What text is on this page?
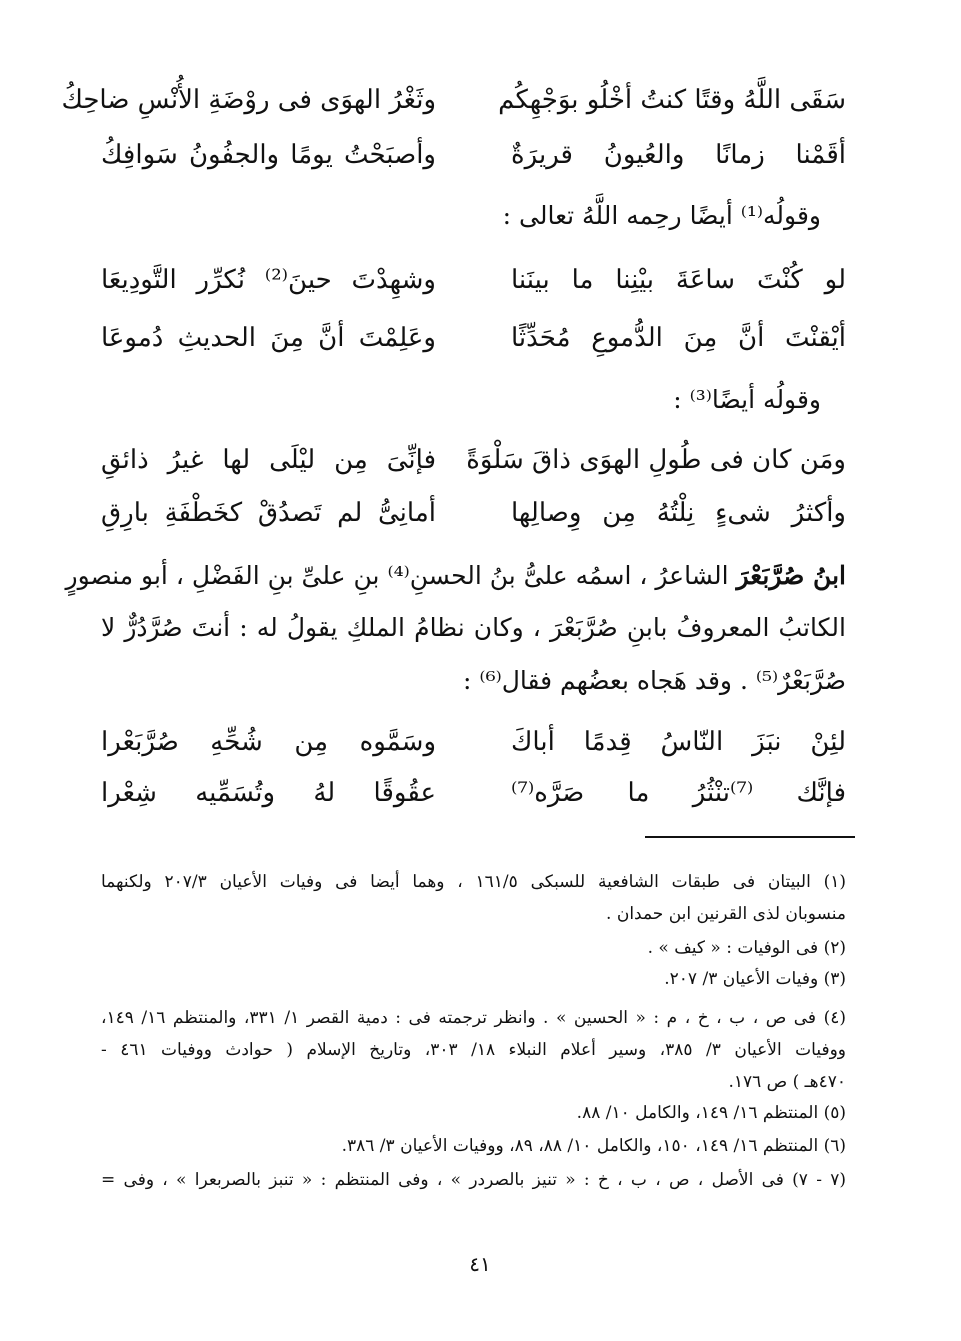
سَقَى اللَّهُ وقتًا كنتُ أخْلُو بوَجْهِكُم
وثَغْرُ الهوَى فى روْضَةِ الأُنْسِ ضاحِكُ
أقَمْنا زمانًا والعُيونُ قريرَةٌ
وأصبَحْتُ يومًا والجفُونُ سَوافِكُ
وقولُه⁽¹⁾ أيضًا رحِمه اللَّهُ تعالى :
لو كُنْتَ ساعَةَ بيْنِنا ما بينَنا
وشهِدْتَ حينَ⁽²⁾ نُكرِّر التَّودِيعَا
أيْقنْتَ أنَّ مِنَ الدُّموعِ مُحَدِّثًا
وعَلِمْتَ أنَّ مِنَ الحديثِ دُموعَا
وقولُه أيضًا⁽³⁾ :
ومَن كان فى طُولِ الهوَى ذاقَ سَلْوَةً
فإنِّىَ مِن ليْلَى لها غيرُ ذائقِ
وأكثرُ شىءٍ نِلْتُهُ مِن وِصالِها
أمانِىُّ لم تَصدُقْ كخَطْفَةِ بارِقِ
ابنُ صُرَّبَعْرَ الشاعرُ ، اسمُه علىُّ بنُ الحسنِ⁽⁴⁾ بنِ علىِّ بنِ الفَضْلِ ، أبو منصورٍ
الكاتبُ المعروفُ بابنِ صُرَّبَعْرَ ، وكان نظامُ الملكِ يقولُ له : أنتَ صُرَّدُرٌّ لا
صُرَّبَعْرٌ⁽⁵⁾ . وقد هَجاه بعضُهم فقال⁽⁶⁾ :
لئِنْ نبَزَ النّاسُ قِدمًا أباكَ
وسَمَّوه مِن شُحِّهِ صُرَّبَعْرا
فإنَّك ⁽⁷⁾تنْثُرُ ما صَرَّه⁽⁷⁾
عقُوقًا لهُ وتُسَمِّيه شِعْرا
(١) البيتان فى طبقات الشافعية للسبكى ١٦١/٥ ، وهما أيضا فى وفيات الأعيان ٢٠٧/٣ ولكنهما
منسوبان لذى القرنين ابن حمدان .
(٢) فى الوفيات : « كيف » .
(٣) وفيات الأعيان ٣/ ٢٠٧.
(٤) فى ص ، ب ، خ ، م : « الحسين » . وانظر ترجمته فى : دمية القصر ١/ ٣٣١، والمنتظم ١٦/ ١٤٩،
ووفيات الأعيان ٣/ ٣٨٥، وسير أعلام النبلاء ١٨/ ٣٠٣، وتاريخ الإسلام ( حوادث ووفيات ٤٦١ -
٤٧٠هـ ) ص ١٧٦.
(٥) المنتظم ١٦/ ١٤٩، والكامل ١٠/ ٨٨.
(٦) المنتظم ١٦/ ١٤٩، ١٥٠، والكامل ١٠/ ٨٨، ٨٩، ووفيات الأعيان ٣/ ٣٨٦.
(٧ - ٧) فى الأصل ، ص ، ب ، خ : « تنيز بالصردر » ، وفى المنتظم : « تنبز بالصربعرا » ، وفى =
٤١
